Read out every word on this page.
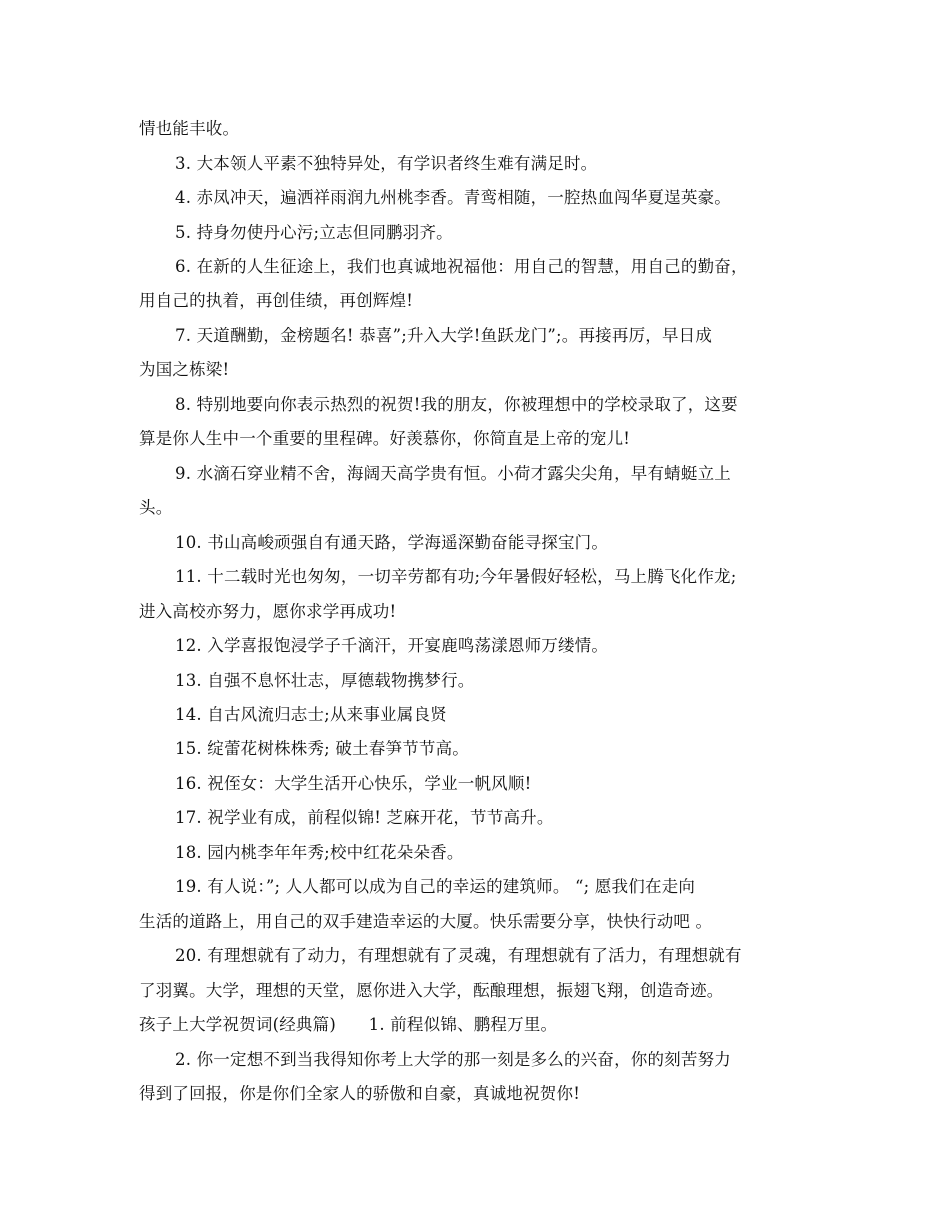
情也能丰收。
3. 大本领人平素不独特异处，有学识者终生难有满足时。
4. 赤凤冲天，遍洒祥雨润九州桃李香。青鸾相随，一腔热血闯华夏逞英豪。
5. 持身勿使丹心污;立志但同鹏羽齐。
6. 在新的人生征途上，我们也真诚地祝福他：用自己的智慧，用自己的勤奋，
用自己的执着，再创佳绩，再创辉煌!
7. 天道酬勤，金榜题名! 恭喜”;升入大学!鱼跃龙门”;。再接再厉，早日成
为国之栋梁!
8. 特别地要向你表示热烈的祝贺!我的朋友，你被理想中的学校录取了，这要
算是你人生中一个重要的里程碑。好羡慕你，你简直是上帝的宠儿!
9. 水滴石穿业精不舍，海阔天高学贵有恒。小荷才露尖尖角，早有蜻蜓立上
头。
10. 书山高峻顽强自有通天路，学海遥深勤奋能寻探宝门。
11. 十二载时光也匆匆，一切辛劳都有功;今年暑假好轻松，马上腾飞化作龙;
进入高校亦努力，愿你求学再成功!
12. 入学喜报饱浸学子千滴汗，开宴鹿鸣荡漾恩师万缕情。
13. 自强不息怀壮志，厚德载物携梦行。
14. 自古风流归志士;从来事业属良贤
15. 绽蕾花树株株秀; 破土春笋节节高。
16. 祝侄女：大学生活开心快乐，学业一帆风顺!
17. 祝学业有成，前程似锦! 芝麻开花，节节高升。
18. 园内桃李年年秀;校中红花朵朵香。
19. 有人说：”; 人人都可以成为自己的幸运的建筑师。 “; 愿我们在走向
生活的道路上，用自己的双手建造幸运的大厦。快乐需要分享，快快行动吧 。
20. 有理想就有了动力，有理想就有了灵魂，有理想就有了活力，有理想就有
了羽翼。大学，理想的天堂，愿你进入大学，酝酿理想，振翅飞翔，创造奇迹。
孩子上大学祝贺词(经典篇)      1. 前程似锦、鹏程万里。
2. 你一定想不到当我得知你考上大学的那一刻是多么的兴奋，你的刻苦努力
得到了回报，你是你们全家人的骄傲和自豪，真诚地祝贺你!
